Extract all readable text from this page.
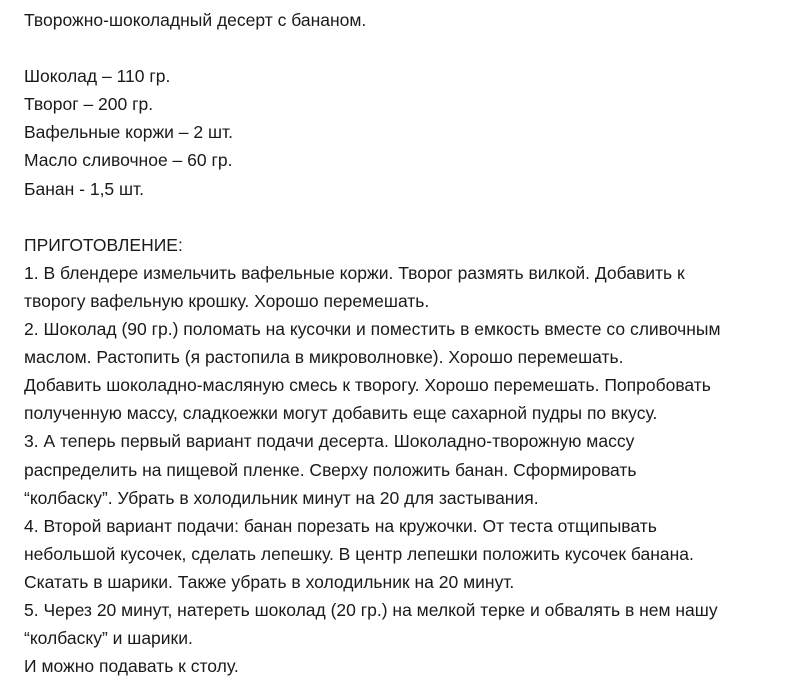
Творожно-шоколадный десерт с бананом.
Шоколад – 110 гр.
Творог – 200 гр.
Вафельные коржи – 2 шт.
Масло сливочное – 60 гр.
Банан - 1,5 шт.
ПРИГОТОВЛЕНИЕ:
1. В блендере измельчить вафельные коржи. Творог размять вилкой. Добавить к
творогу вафельную крошку. Хорошо перемешать.
2. Шоколад (90 гр.) поломать на кусочки и поместить в емкость вместе со сливочным
маслом. Растопить (я растопила в микроволновке). Хорошо перемешать.
Добавить шоколадно-масляную смесь к творогу. Хорошо перемешать. Попробовать
полученную массу, сладкоежки могут добавить еще сахарной пудры по вкусу.
3. А теперь первый вариант подачи десерта. Шоколадно-творожную массу
распределить на пищевой пленке. Сверху положить банан. Сформировать
“колбаску”. Убрать в холодильник минут на 20 для застывания.
4. Второй вариант подачи: банан порезать на кружочки. От теста отщипывать
небольшой кусочек, сделать лепешку. В центр лепешки положить кусочек банана.
Скатать в шарики. Также убрать в холодильник на 20 минут.
5. Через 20 минут, натереть шоколад (20 гр.) на мелкой терке и обвалять в нем нашу
“колбаску” и шарики.
И можно подавать к столу.
